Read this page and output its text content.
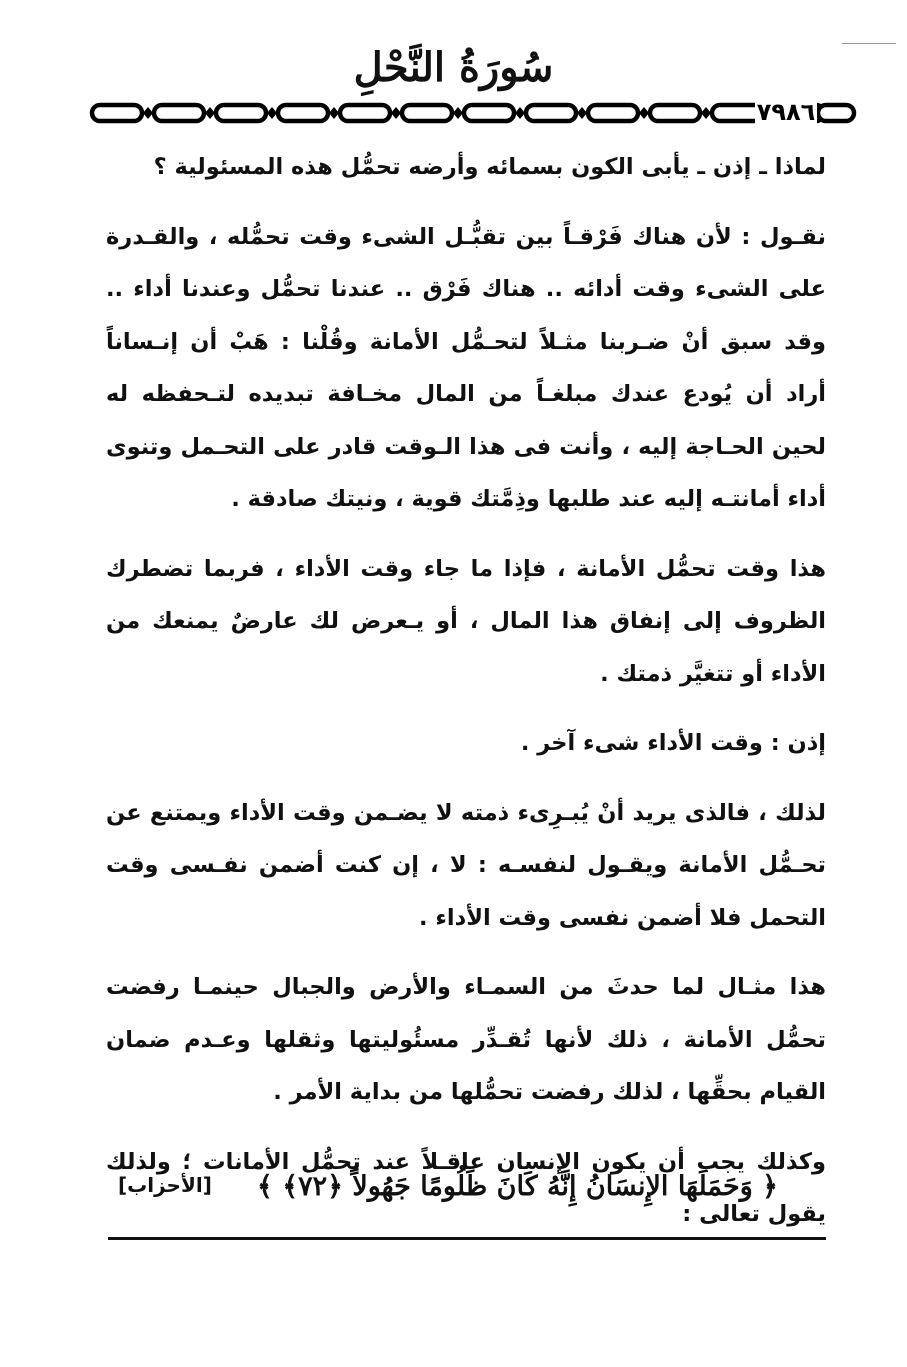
سُورَةُ النَّحْلِ
٧٩٨٦

لماذا ـ إذن ـ يأبى الكون بسمائه وأرضه تحمُّل هذه المسئولية ؟

نقـول : لأن هناك فَرْقـاً بين تقبُّـل الشىء وقت تحمُّله ، والقـدرة على الشىء وقت أدائه .. هناك فَرْق .. عندنا تحمُّل وعندنا أداء .. وقد سبق أنْ ضـربنا مثـلاً لتحـمُّل الأمانة وقُلْنا : هَبْ أن إنـساناً أراد أن يُودع عندك مبلغـاً من المال مخـافة تبديده لتـحفظه له لحين الحـاجة إليه ، وأنت فى هذا الـوقت قادر على التحـمل وتنوى أداء أمانتـه إليه عند طلبها وذِمَّتك قوية ، ونيتك صادقة .

هذا وقت تحمُّل الأمانة ، فإذا ما جاء وقت الأداء ، فربما تضطرك الظروف إلى إنفاق هذا المال ، أو يـعرض لك عارضٌ يمنعك من الأداء أو تتغيَّر ذمتك .

إذن : وقت الأداء شىء آخر .

لذلك ، فالذى يريد أنْ يُبـرِىء ذمته لا يضـمن وقت الأداء ويمتنع عن تحـمُّل الأمانة ويقـول لنفسـه : لا ، إن كنت أضمن نفـسى وقت التحمل فلا أضمن نفسى وقت الأداء .

هذا مثـال لما حدثَ من السمـاء والأرض والجبال حينمـا رفضت تحمُّل الأمانة ، ذلك لأنها تُقـدِّر مسئُوليتها وثقلها وعـدم ضمان القيام بحقِّها ، لذلك رفضت تحمُّلها من بداية الأمر .

وكذلك يجب أن يكون الإنسان عاقـلاً عند تحمُّل الأمانات ؛ ولذلك يقول تعالى :

﴿ وَحَمَلَهَا الإِنسَانُ إِنَّهُ كَانَ ظَلُومًا جَهُولاً ﴿٧٢﴾ ﴾
[الأحزاب]
